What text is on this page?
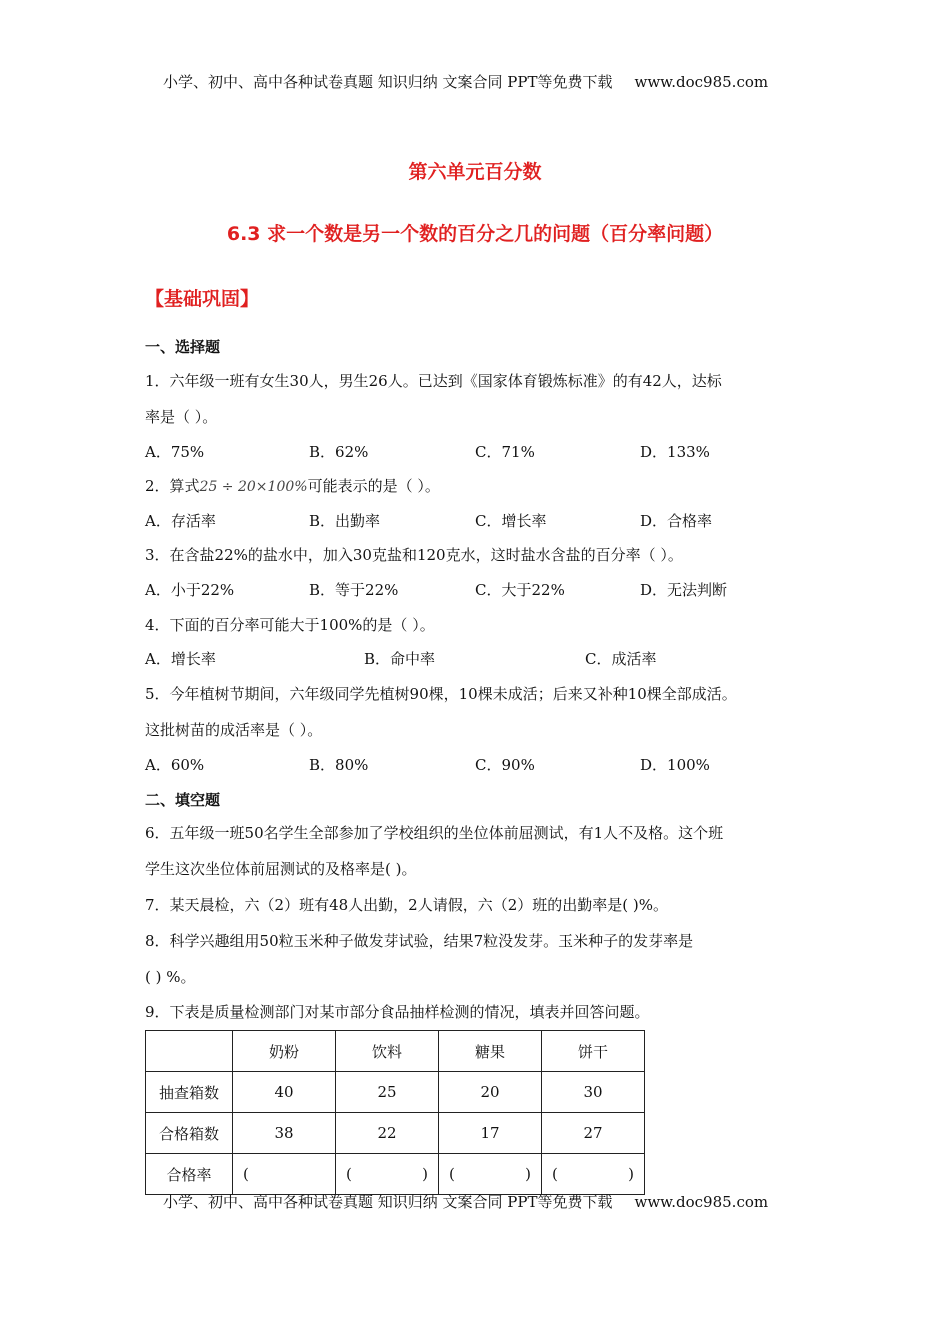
小学、初中、高中各种试卷真题 知识归纳 文案合同 PPT等免费下载 www.doc985.com
第六单元百分数
6.3 求一个数是另一个数的百分之几的问题（百分率问题）
【基础巩固】
一、选择题
1．六年级一班有女生30人，男生26人。已达到《国家体育锻炼标准》的有42人，达标
率是（ ）。
A．75%	B．62%	C．71%	D．133%
2．算式25 ÷ 20×100%可能表示的是（ ）。
A．存活率	B．出勤率	C．增长率	D．合格率
3．在含盐22%的盐水中，加入30克盐和120克水，这时盐水含盐的百分率（ ）。
A．小于22%	B．等于22%	C．大于22%	D．无法判断
4．下面的百分率可能大于100%的是（ ）。
A．增长率	B．命中率	C．成活率
5．今年植树节期间，六年级同学先植树90棵，10棵未成活；后来又补种10棵全部成活。
这批树苗的成活率是（ ）。
A．60%	B．80%	C．90%	D．100%
二、填空题
6．五年级一班50名学生全部参加了学校组织的坐位体前屈测试，有1人不及格。这个班
学生这次坐位体前屈测试的及格率是( )。
7．某天晨检，六（2）班有48人出勤，2人请假，六（2）班的出勤率是( )%。
8．科学兴趣组用50粒玉米种子做发芽试验，结果7粒没发芽。玉米种子的发芽率是
( ) %。
9．下表是质量检测部门对某市部分食品抽样检测的情况，填表并回答问题。
	奶粉	饮料	糖果	饼干
抽查箱数	40	25	20	30
合格箱数	38	22	17	27
合格率	(	( )	( )	( )
小学、初中、高中各种试卷真题 知识归纳 文案合同 PPT等免费下载 www.doc985.com
